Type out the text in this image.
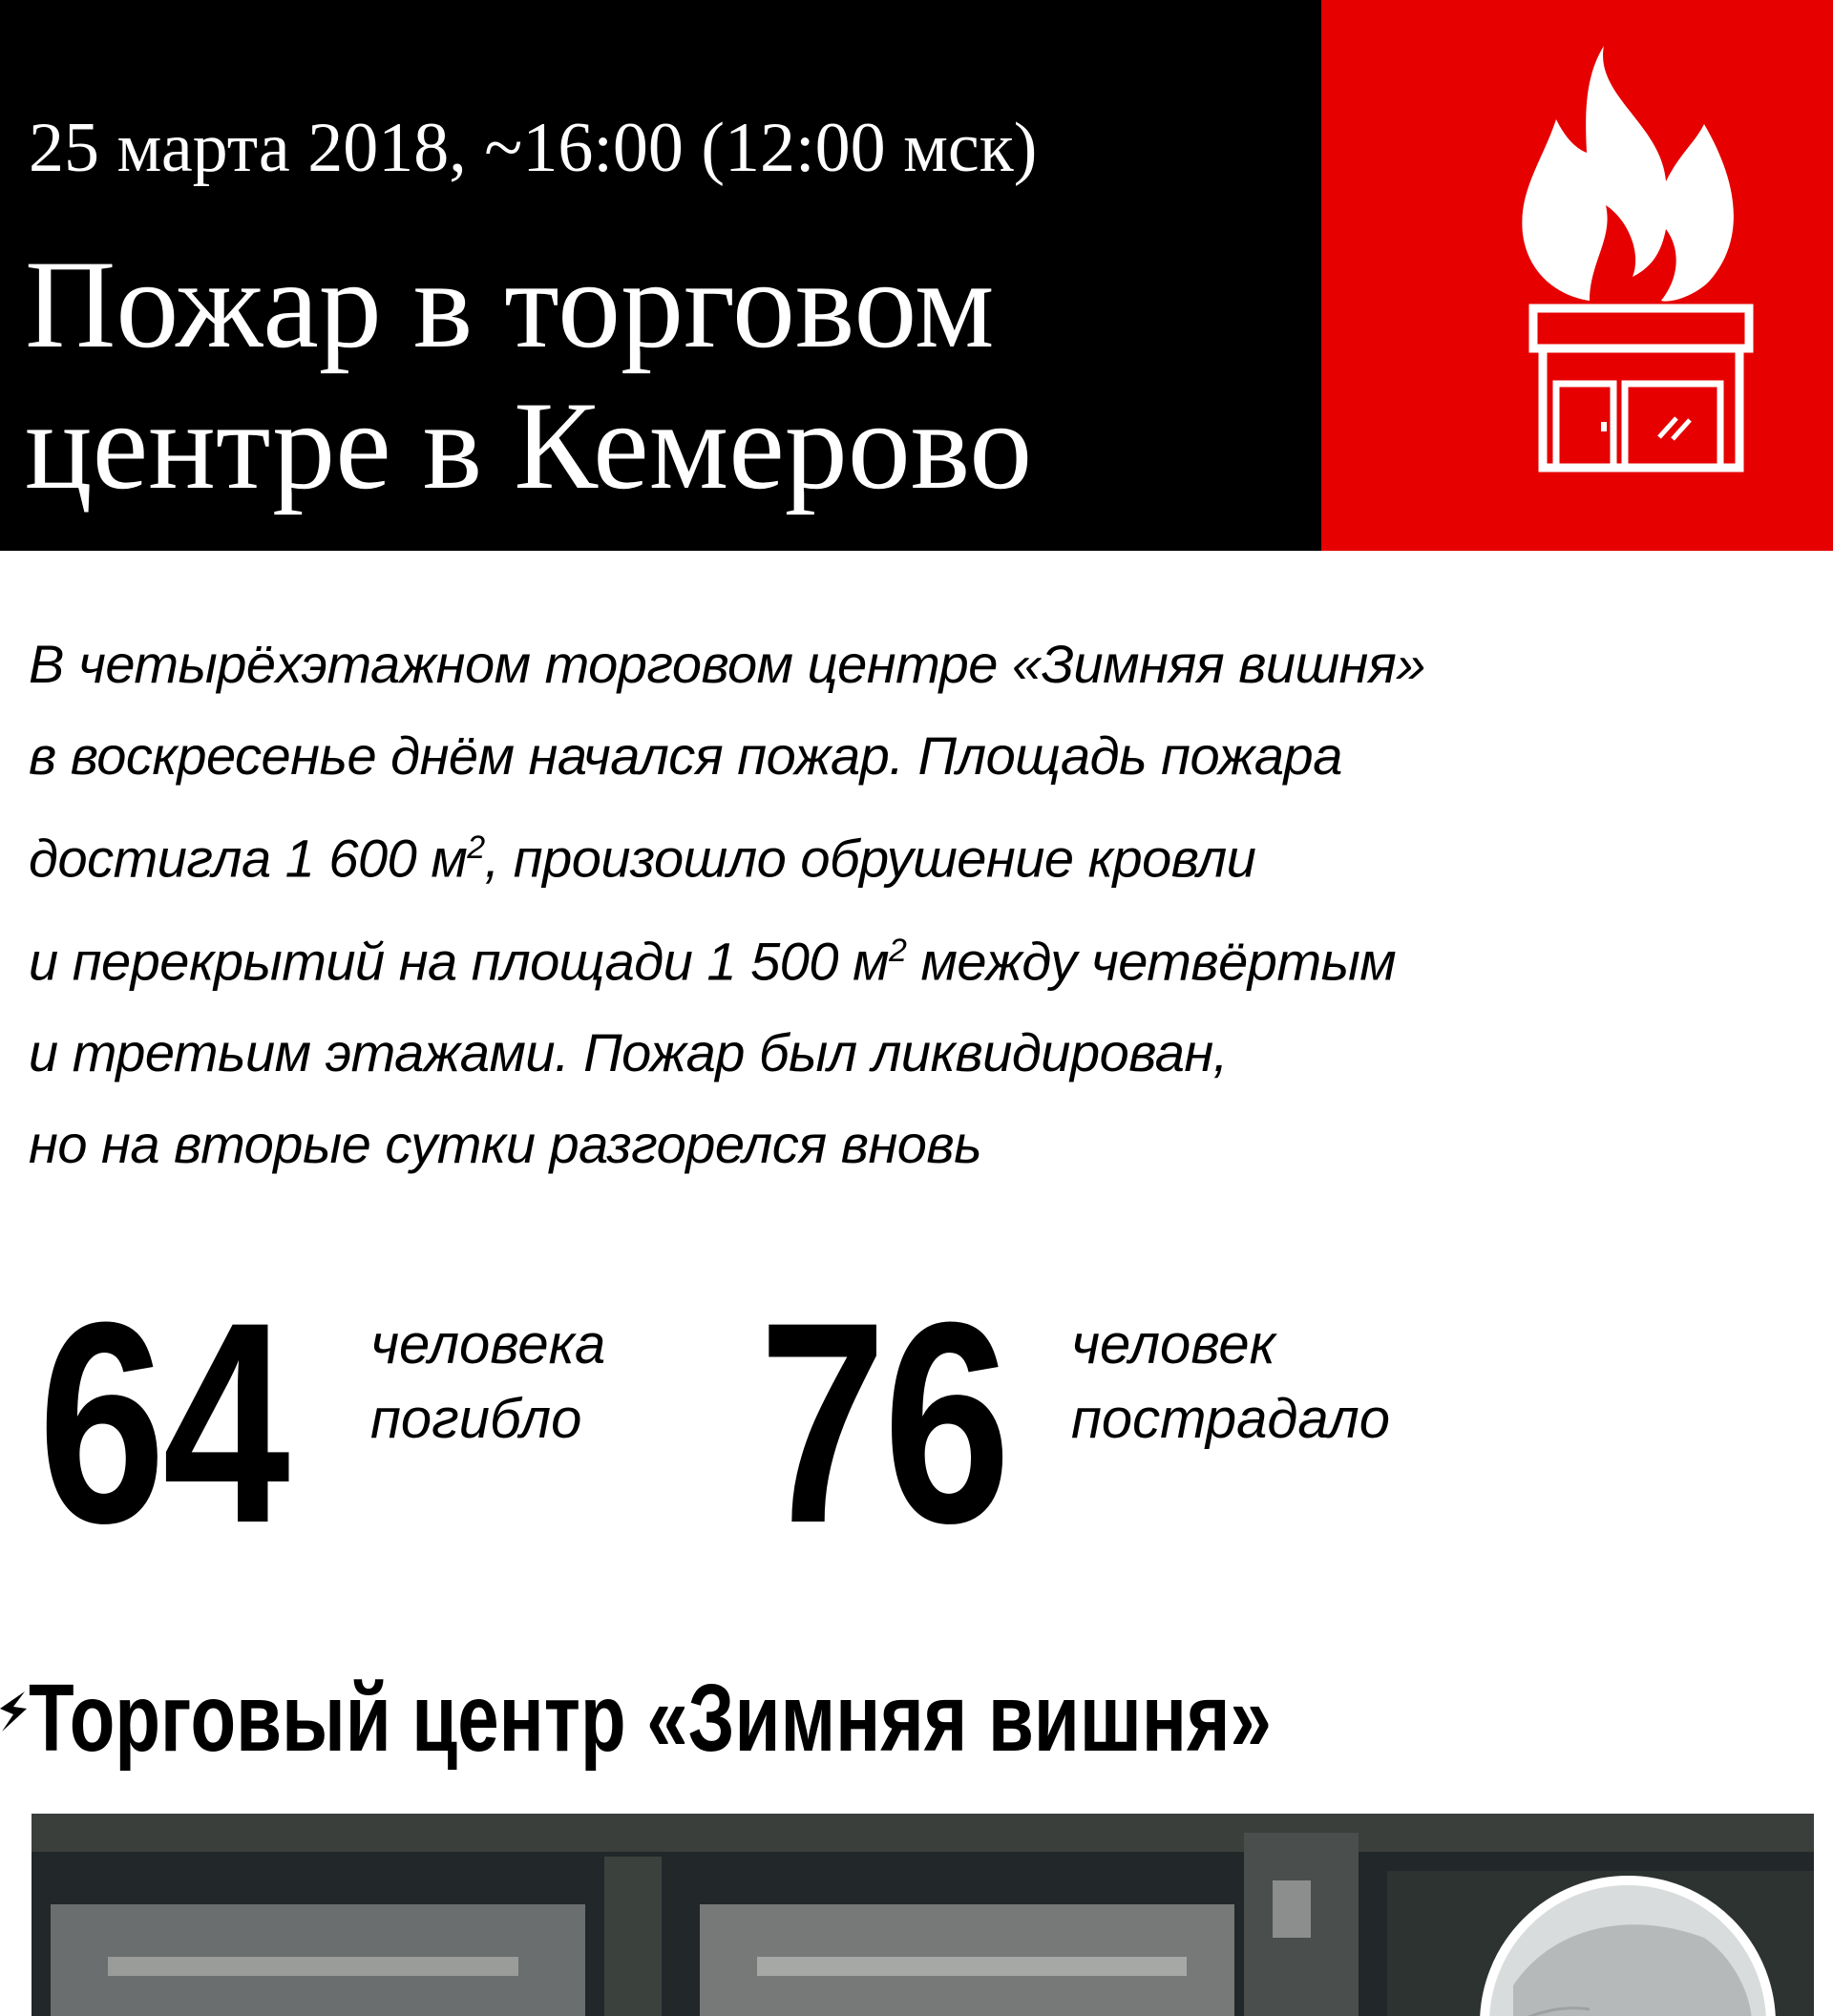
25 марта 2018, ~16:00 (12:00 мск)

Пожар в торговом
центре в Кемерово
В четырёхэтажном торговом центре «Зимняя вишня»
в воскресенье днём начался пожар. Площадь пожара
достигла 1 600 $м^2$, произошло обрушение кровли
и перекрытий на площади 1 500 $м^2$ между четвёртым
и третьим этажами. Пожар был ликвидирован,
но на вторые сутки разгорелся вновь

64 человека
погибло 76 человек
пострадало

Торговый центр «Зимняя вишня»
